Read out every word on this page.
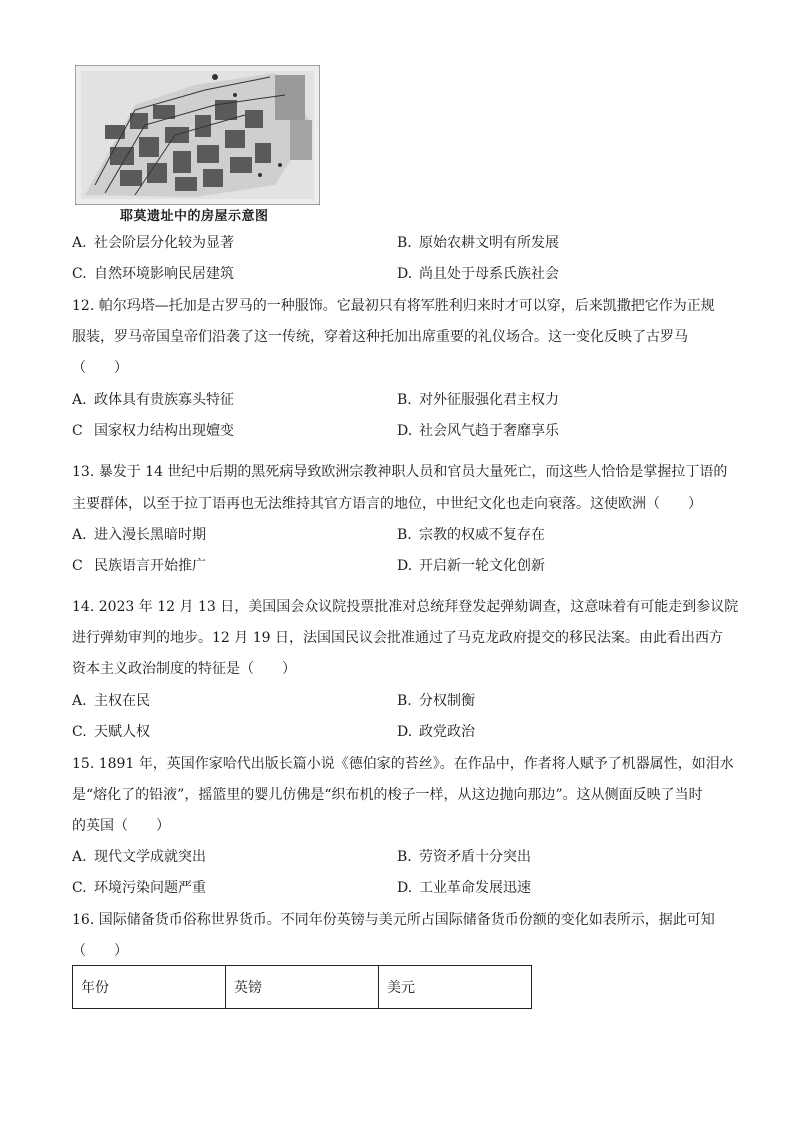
耶莫遗址中的房屋示意图
A. 社会阶层分化较为显著	B. 原始农耕文明有所发展
C. 自然环境影响民居建筑	D. 尚且处于母系氏族社会
12. 帕尔玛塔—托加是古罗马的一种服饰。它最初只有将军胜利归来时才可以穿，后来凯撒把它作为正规
服装，罗马帝国皇帝们沿袭了这一传统，穿着这种托加出席重要的礼仪场合。这一变化反映了古罗马
（　　）
A. 政体具有贵族寡头特征	B. 对外征服强化君主权力
C 国家权力结构出现嬗变	D. 社会风气趋于奢靡享乐
13. 暴发于 14 世纪中后期的黑死病导致欧洲宗教神职人员和官员大量死亡，而这些人恰恰是掌握拉丁语的
主要群体，以至于拉丁语再也无法维持其官方语言的地位，中世纪文化也走向衰落。这使欧洲（　　）
A. 进入漫长黑暗时期	B. 宗教的权威不复存在
C 民族语言开始推广	D. 开启新一轮文化创新
14. 2023 年 12 月 13 日，美国国会众议院投票批准对总统拜登发起弹劾调查，这意味着有可能走到参议院
进行弹劾审判的地步。12 月 19 日，法国国民议会批准通过了马克龙政府提交的移民法案。由此看出西方
资本主义政治制度的特征是（　　）
A. 主权在民	B. 分权制衡
C. 天赋人权	D. 政党政治
15. 1891 年，英国作家哈代出版长篇小说《德伯家的苔丝》。在作品中，作者将人赋予了机器属性，如泪水
是“熔化了的铅液”，摇篮里的婴儿仿佛是“织布机的梭子一样，从这边抛向那边”。这从侧面反映了当时
的英国（　　）
A. 现代文学成就突出	B. 劳资矛盾十分突出
C. 环境污染问题严重	D. 工业革命发展迅速
16. 国际储备货币俗称世界货币。不同年份英镑与美元所占国际储备货币份额的变化如表所示，据此可知
（　　）
年份	英镑	美元
